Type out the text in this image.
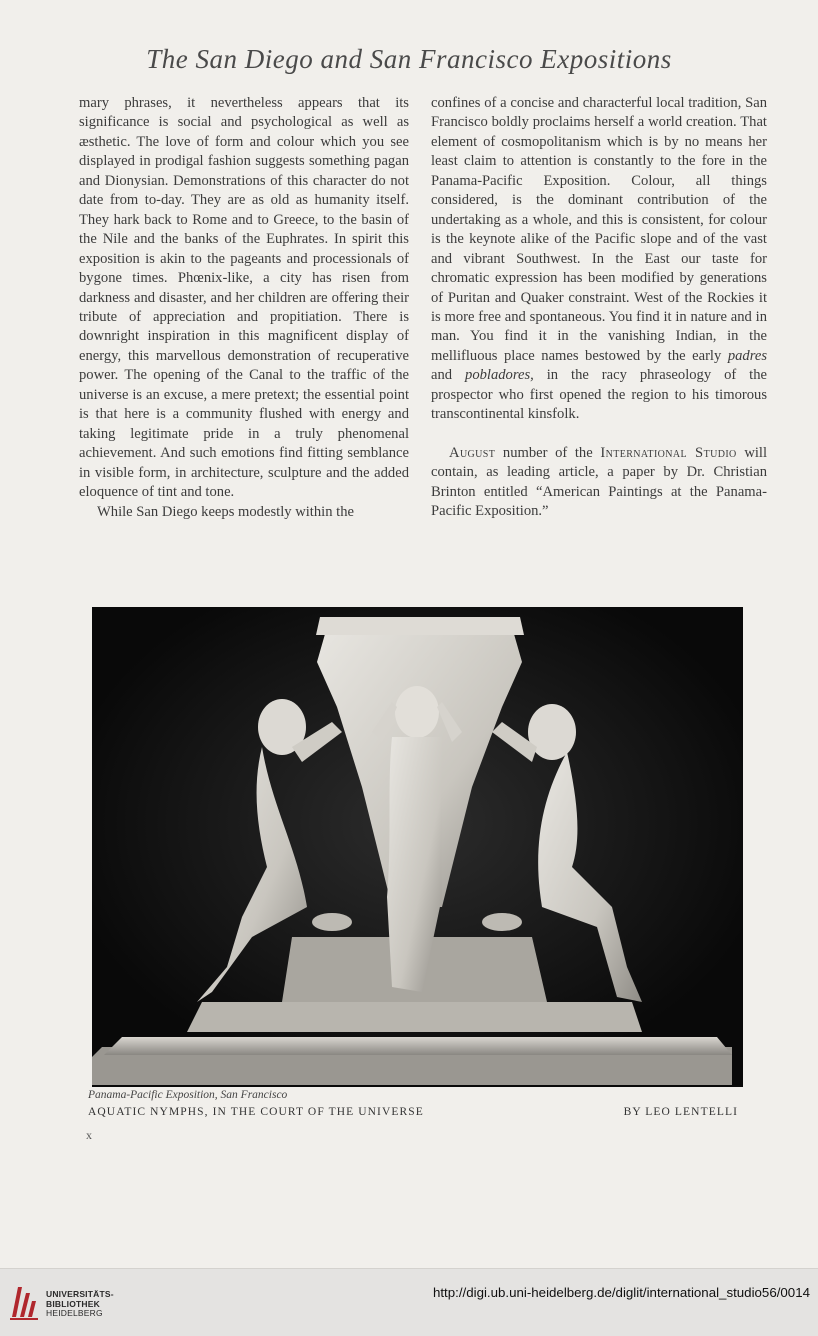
The San Diego and San Francisco Expositions

mary phrases, it nevertheless appears that its significance is social and psychological as well as æsthetic. The love of form and colour which you see displayed in prodigal fashion suggests something pagan and Dionysian. Demonstrations of this character do not date from to-day. They are as old as humanity itself. They hark back to Rome and to Greece, to the basin of the Nile and the banks of the Euphrates. In spirit this exposition is akin to the pageants and processionals of bygone times. Phœnix-like, a city has risen from darkness and disaster, and her children are offering their tribute of appreciation and propitiation. There is downright inspiration in this magnificent display of energy, this marvellous demonstration of recuperative power. The opening of the Canal to the traffic of the universe is an excuse, a mere pretext; the essential point is that here is a community flushed with energy and taking legitimate pride in a truly phenomenal achievement. And such emotions find fitting semblance in visible form, in architecture, sculpture and the added eloquence of tint and tone.

While San Diego keeps modestly within the

confines of a concise and characterful local tradition, San Francisco boldly proclaims herself a world creation. That element of cosmopolitanism which is by no means her least claim to attention is constantly to the fore in the Panama-Pacific Exposition. Colour, all things considered, is the dominant contribution of the undertaking as a whole, and this is consistent, for colour is the keynote alike of the Pacific slope and of the vast and vibrant Southwest. In the East our taste for chromatic expression has been modified by generations of Puritan and Quaker constraint. West of the Rockies it is more free and spontaneous. You find it in nature and in man. You find it in the vanishing Indian, in the mellifluous place names bestowed by the early padres and pobladores, in the racy phraseology of the prospector who first opened the region to his timorous transcontinental kinsfolk.

August number of the International Studio will contain, as leading article, a paper by Dr. Christian Brinton entitled “American Paintings at the Panama-Pacific Exposition.”

Panama-Pacific Exposition, San Francisco
AQUATIC NYMPHS, IN THE COURT OF THE UNIVERSE	BY LEO LENTELLI
x
UNIVERSITÄTS-
BIBLIOTHEK
HEIDELBERG
http://digi.ub.uni-heidelberg.de/diglit/international_studio56/0014
